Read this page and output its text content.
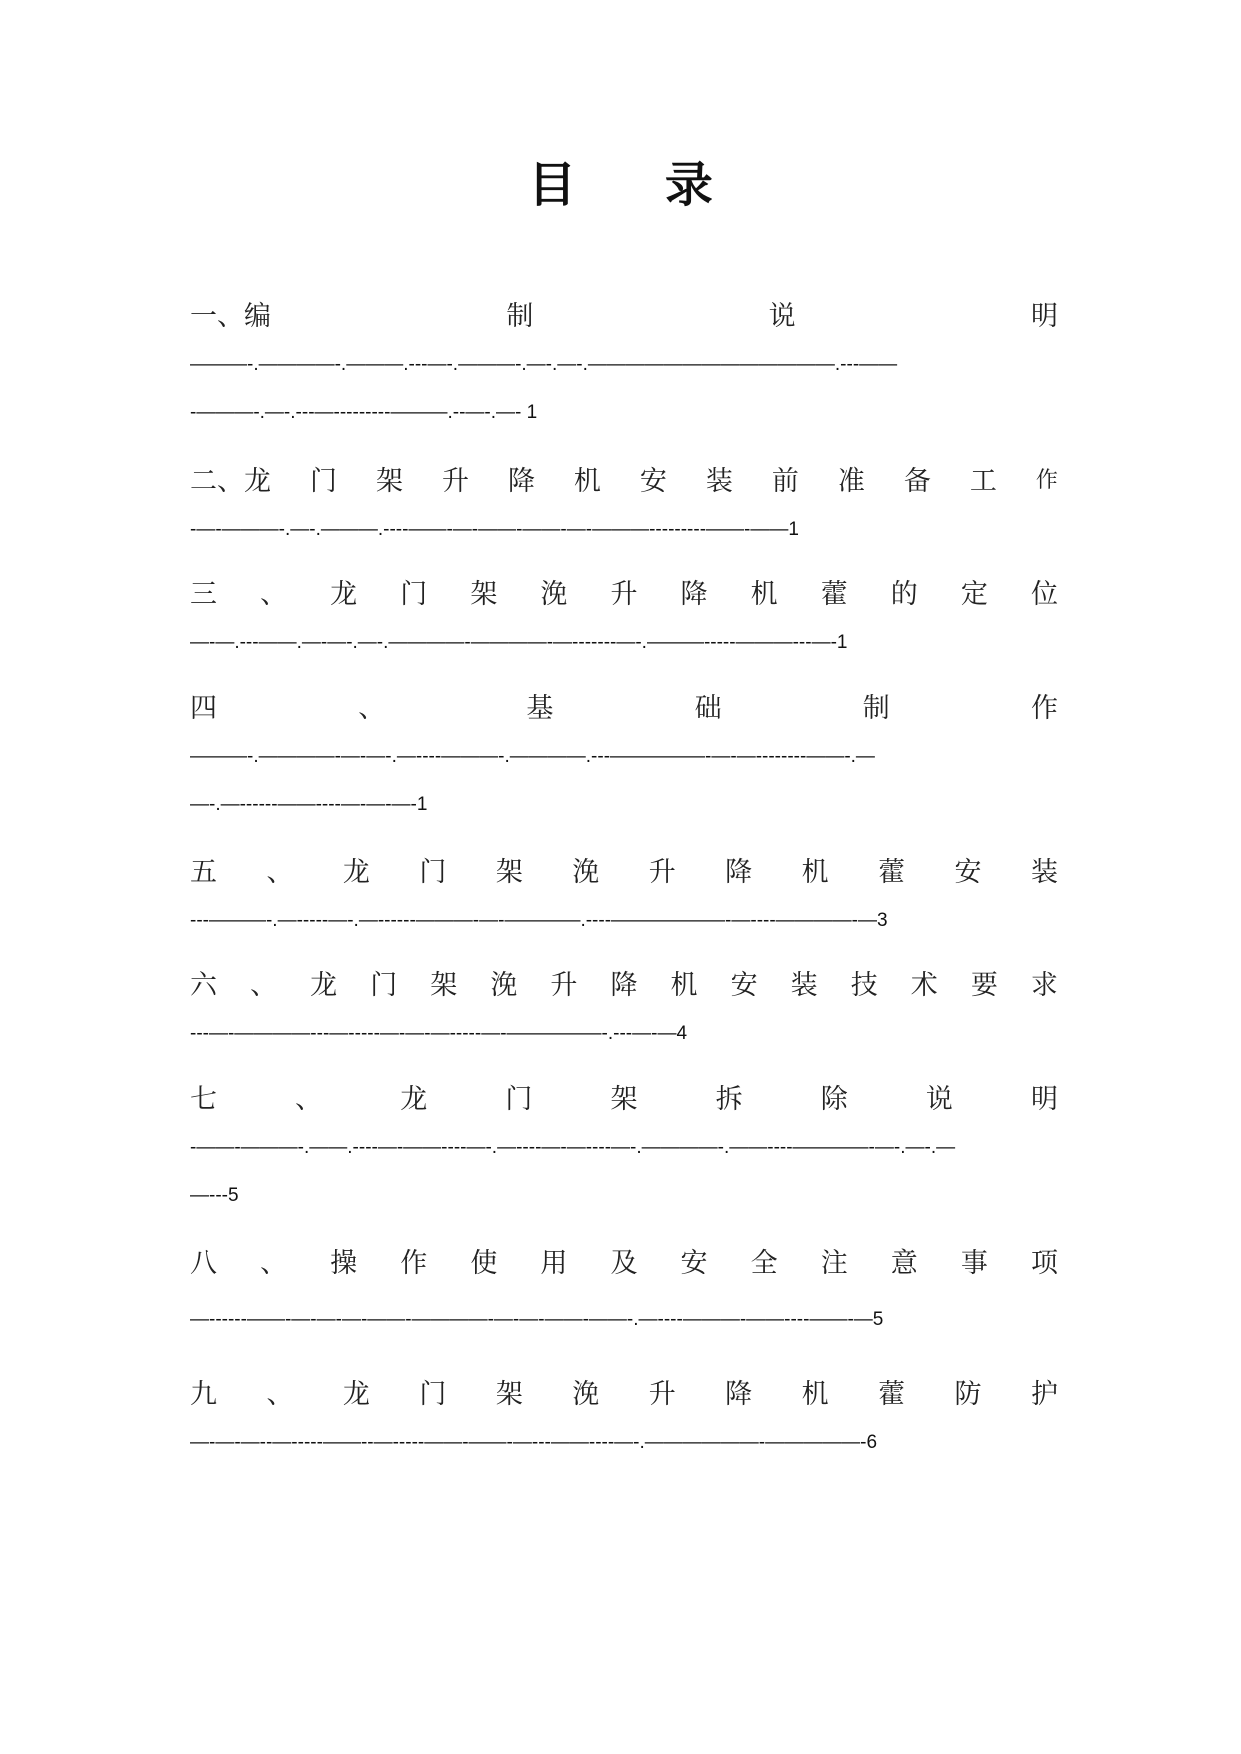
目 录
一、编	制	说	明
———-.————-.———.---—-.———-.—-.—-.—————————————.---——
-———-.—-.---—---------———.--—-.—- 1
二、龙 门 架 升 降 机 安 装 前 准 备 工 作
-—-———-.—-.———.----——-—-——-——-—-———---------——-——1
三 、 龙 门 架 浼 升 降 机 藿 的 定 位
—-—.---——.—-—-.—-.————-————-—-------—-.———-----———---—-1
四	、	基	础	制	作
———-.————-—-—-.—----———-.————.---—————-—-—--------——-.—
—-.—------——----—-—-—-1
五 、 龙 门 架 浼 升 降 机 藿 安 装
---———-.—-----—-.—------———-—-————.----——————-—----————-—3
六 、 龙 门 架 浼 升 降 机 安 装 技 术 要 求
---—-————---—-----—-—-—-----—-—————-.---—-—4
七	、	龙	门	架	拆	除	说	明
-——-———-.——.----—-——----—-.—----—-—----—-.————-.——----————-—-.—-.—
—---5
八 、 操 作 使 用 及 安 全 注 意 事 项
—------——-—-—-—-——-————-—-—-——-——-.—----———-——----——-—5
九 、 龙 门 架 浼 升 降 机 藿 防 护
—-—-—--—-----——--—-----——-——-—---——----—-.——————-—————-6
